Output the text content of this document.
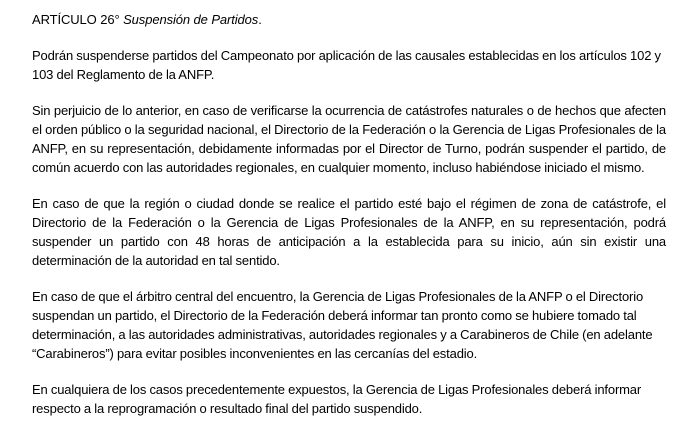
ARTÍCULO 26° Suspensión de Partidos.

Podrán suspenderse partidos del Campeonato por aplicación de las causales establecidas en los artículos 102 y 103 del Reglamento de la ANFP.

Sin perjuicio de lo anterior, en caso de verificarse la ocurrencia de catástrofes naturales o de hechos que afecten el orden público o la seguridad nacional, el Directorio de la Federación o la Gerencia de Ligas Profesionales de la ANFP, en su representación, debidamente informadas por el Director de Turno, podrán suspender el partido, de común acuerdo con las autoridades regionales, en cualquier momento, incluso habiéndose iniciado el mismo.

En caso de que la región o ciudad donde se realice el partido esté bajo el régimen de zona de catástrofe, el Directorio de la Federación o la Gerencia de Ligas Profesionales de la ANFP, en su representación, podrá suspender un partido con 48 horas de anticipación a la establecida para su inicio, aún sin existir una determinación de la autoridad en tal sentido.

En caso de que el árbitro central del encuentro, la Gerencia de Ligas Profesionales de la ANFP o el Directorio suspendan un partido, el Directorio de la Federación deberá informar tan pronto como se hubiere tomado tal determinación, a las autoridades administrativas, autoridades regionales y a Carabineros de Chile (en adelante “Carabineros”) para evitar posibles inconvenientes en las cercanías del estadio.

En cualquiera de los casos precedentemente expuestos, la Gerencia de Ligas Profesionales deberá informar respecto a la reprogramación o resultado final del partido suspendido.
